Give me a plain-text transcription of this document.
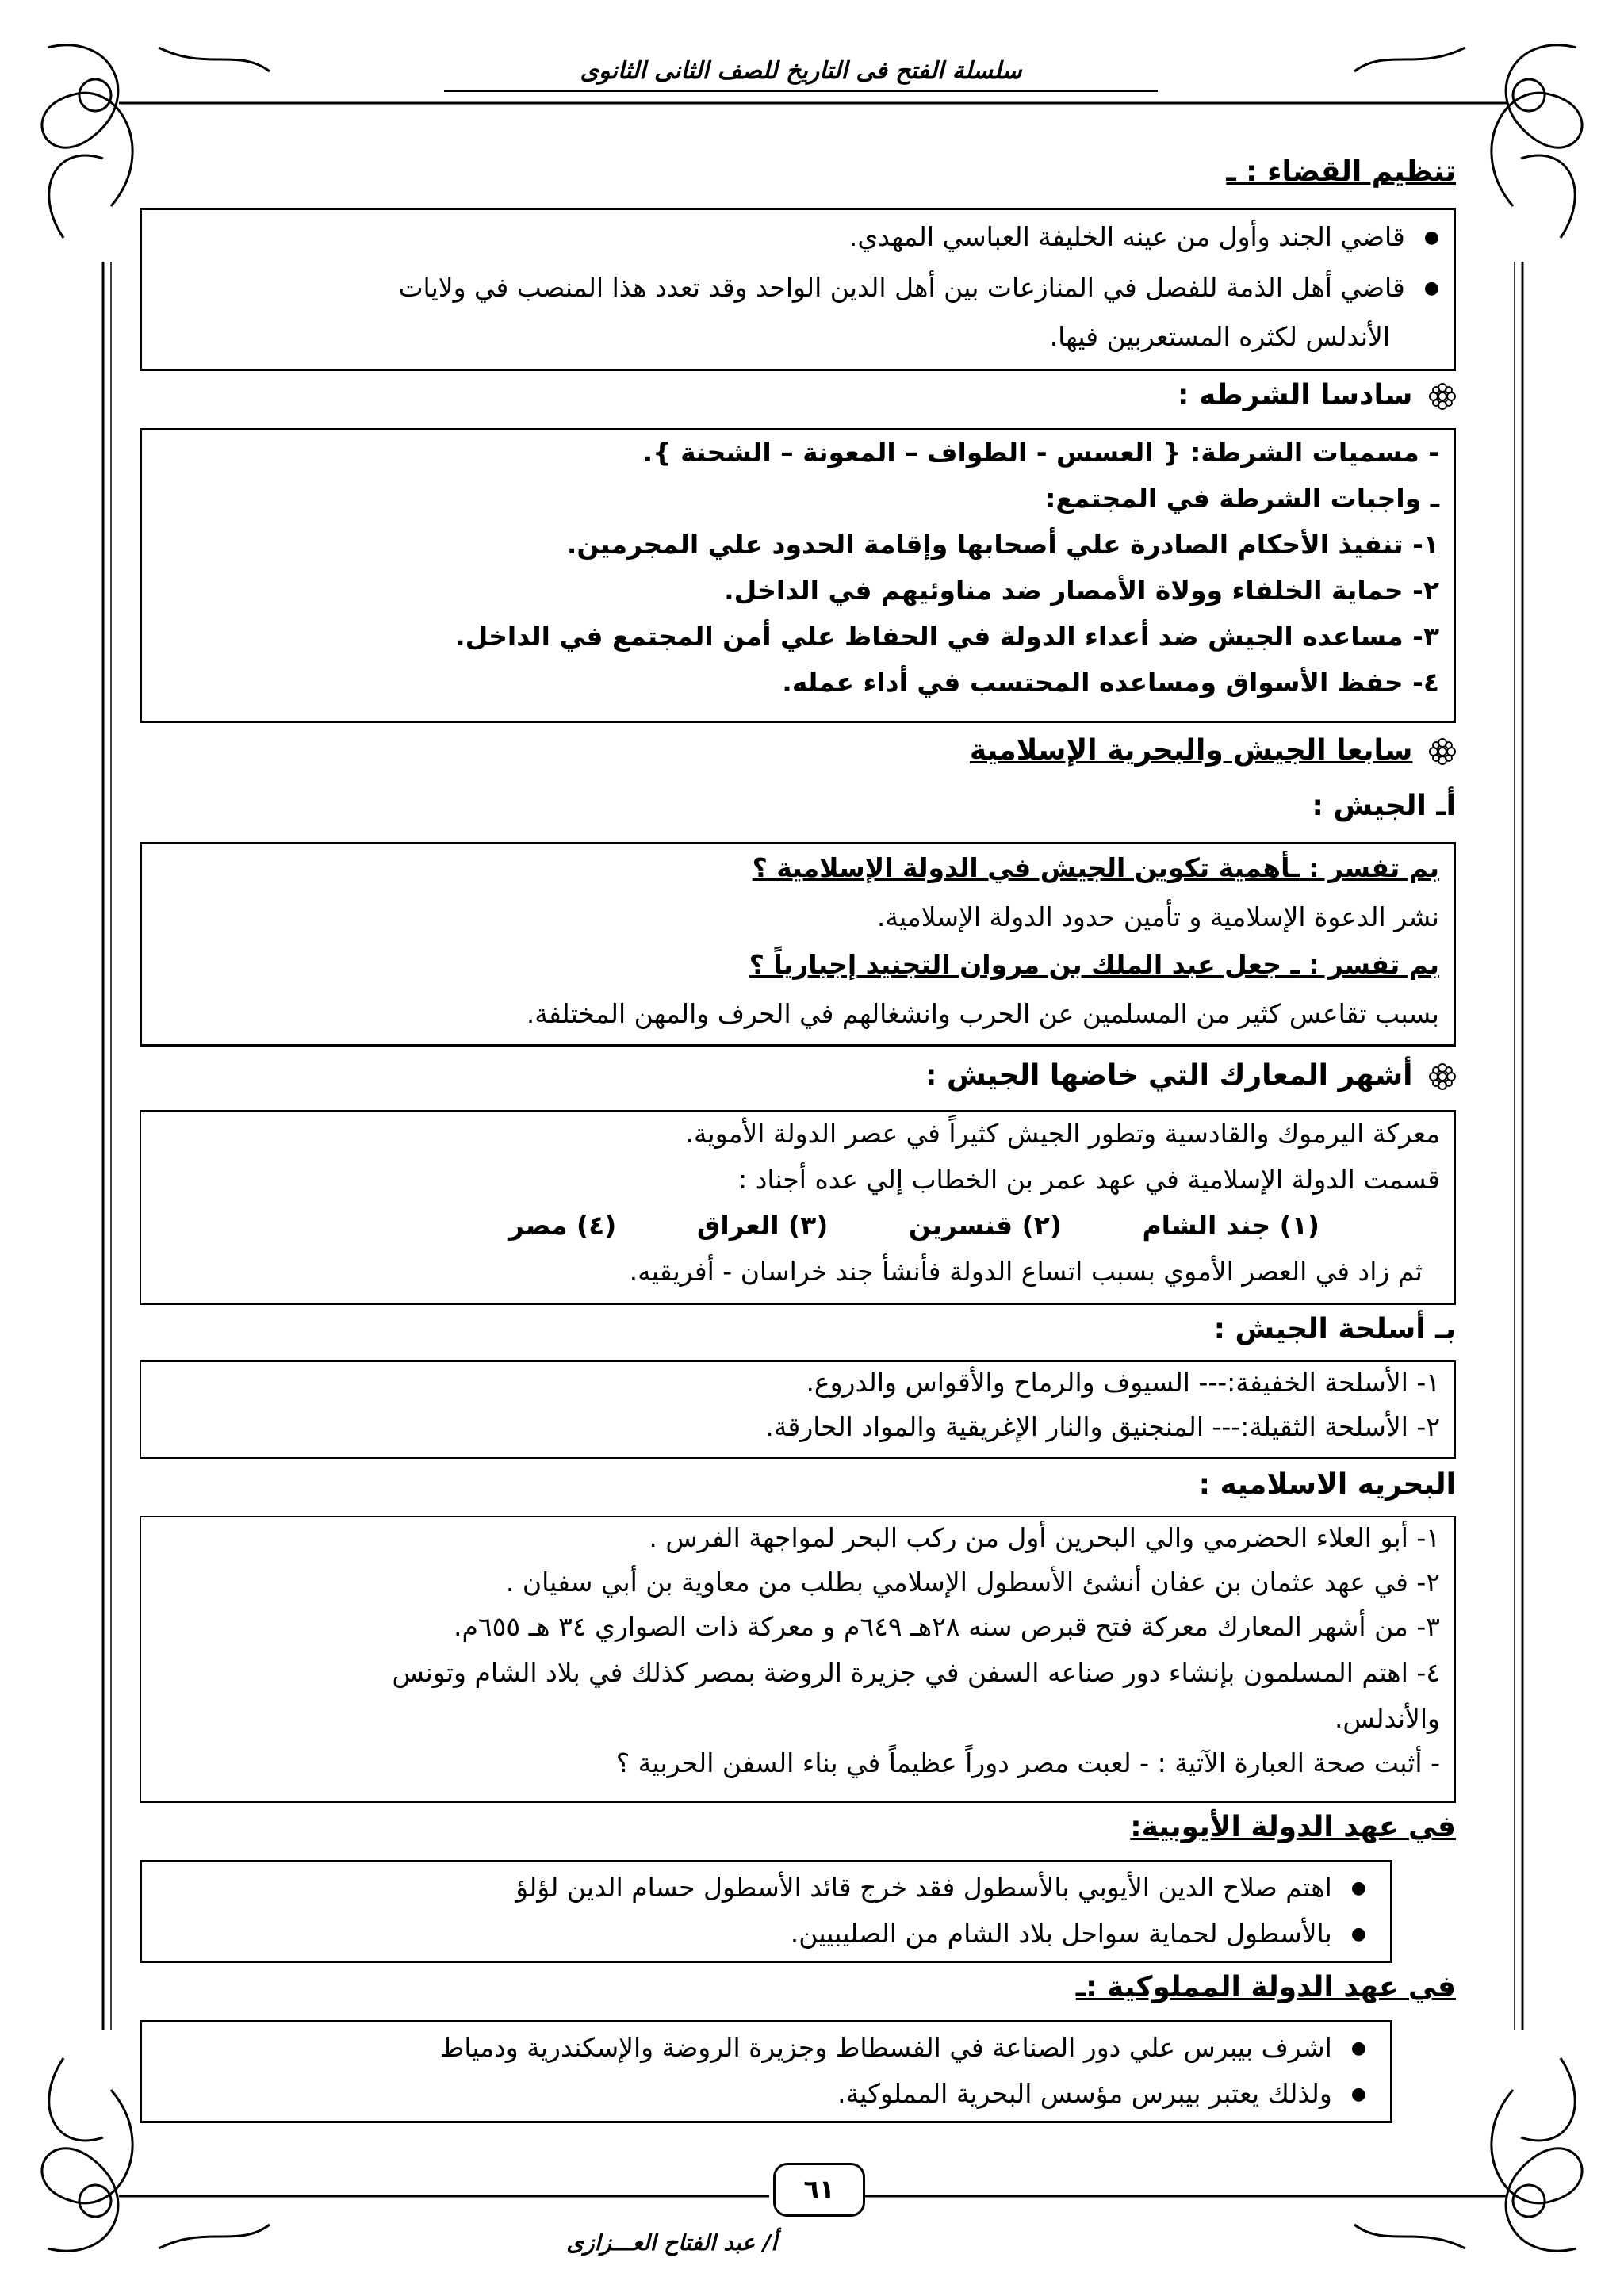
سلسلة الفتح فى التاريخ للصف الثانى الثانوى
تنظيم القضاء : ـ
● قاضي الجند وأول من عينه الخليفة العباسي المهدي.
● قاضي أهل الذمة للفصل في المنازعات بين أهل الدين الواحد وقد تعدد هذا المنصب في ولايات
الأندلس لكثره المستعربين فيها.
سادسا الشرطه :
- مسميات الشرطة: { العسس - الطواف – المعونة – الشحنة }.
ـ واجبات الشرطة في المجتمع:
١- تنفيذ الأحكام الصادرة علي أصحابها وإقامة الحدود علي المجرمين.
٢- حماية الخلفاء وولاة الأمصار ضد مناوئيهم في الداخل.
٣- مساعده الجيش ضد أعداء الدولة في الحفاظ علي أمن المجتمع في الداخل.
٤- حفظ الأسواق ومساعده المحتسب في أداء عمله.
سابعا الجيش والبحرية الإسلامية
أـ الجيش :
بم تفسر : ـأهمية تكوين الجيش في الدولة الإسلامية ؟
نشر الدعوة الإسلامية و تأمين حدود الدولة الإسلامية.
بم تفسر : ـ جعل عبد الملك بن مروان التجنيد إجبارياً ؟
بسبب تقاعس كثير من المسلمين عن الحرب وانشغالهم في الحرف والمهن المختلفة.
أشهر المعارك التي خاضها الجيش :
معركة اليرموك والقادسية وتطور الجيش كثيراً في عصر الدولة الأموية.
قسمت الدولة الإسلامية في عهد عمر بن الخطاب إلي عده أجناد :
(١) جند الشام (٢) قنسرين (٣) العراق (٤) مصر
ثم زاد في العصر الأموي بسبب اتساع الدولة فأنشأ جند خراسان - أفريقيه.
بـ أسلحة الجيش :
١- الأسلحة الخفيفة:--- السيوف والرماح والأقواس والدروع.
٢- الأسلحة الثقيلة:--- المنجنيق والنار الإغريقية والمواد الحارقة.
البحريه الاسلاميه :
١- أبو العلاء الحضرمي والي البحرين أول من ركب البحر لمواجهة الفرس .
٢- في عهد عثمان بن عفان أنشئ الأسطول الإسلامي بطلب من معاوية بن أبي سفيان .
٣- من أشهر المعارك معركة فتح قبرص سنه ٢٨هـ ٦٤٩م و معركة ذات الصواري ٣٤ هـ ٦٥٥م.
٤- اهتم المسلمون بإنشاء دور صناعه السفن في جزيرة الروضة بمصر كذلك في بلاد الشام وتونس
والأندلس.
- أثبت صحة العبارة الآتية : - لعبت مصر دوراً عظيماً في بناء السفن الحربية ؟
في عهد الدولة الأيوبية:
● اهتم صلاح الدين الأيوبي بالأسطول فقد خرج قائد الأسطول حسام الدين لؤلؤ
● بالأسطول لحماية سواحل بلاد الشام من الصليبيين.
في عهد الدولة المملوكية :ـ
● اشرف بيبرس علي دور الصناعة في الفسطاط وجزيرة الروضة والإسكندرية ودمياط
● ولذلك يعتبر بيبرس مؤسس البحرية المملوكية.
٦١
أ/ عبد الفتاح العـــزازى
